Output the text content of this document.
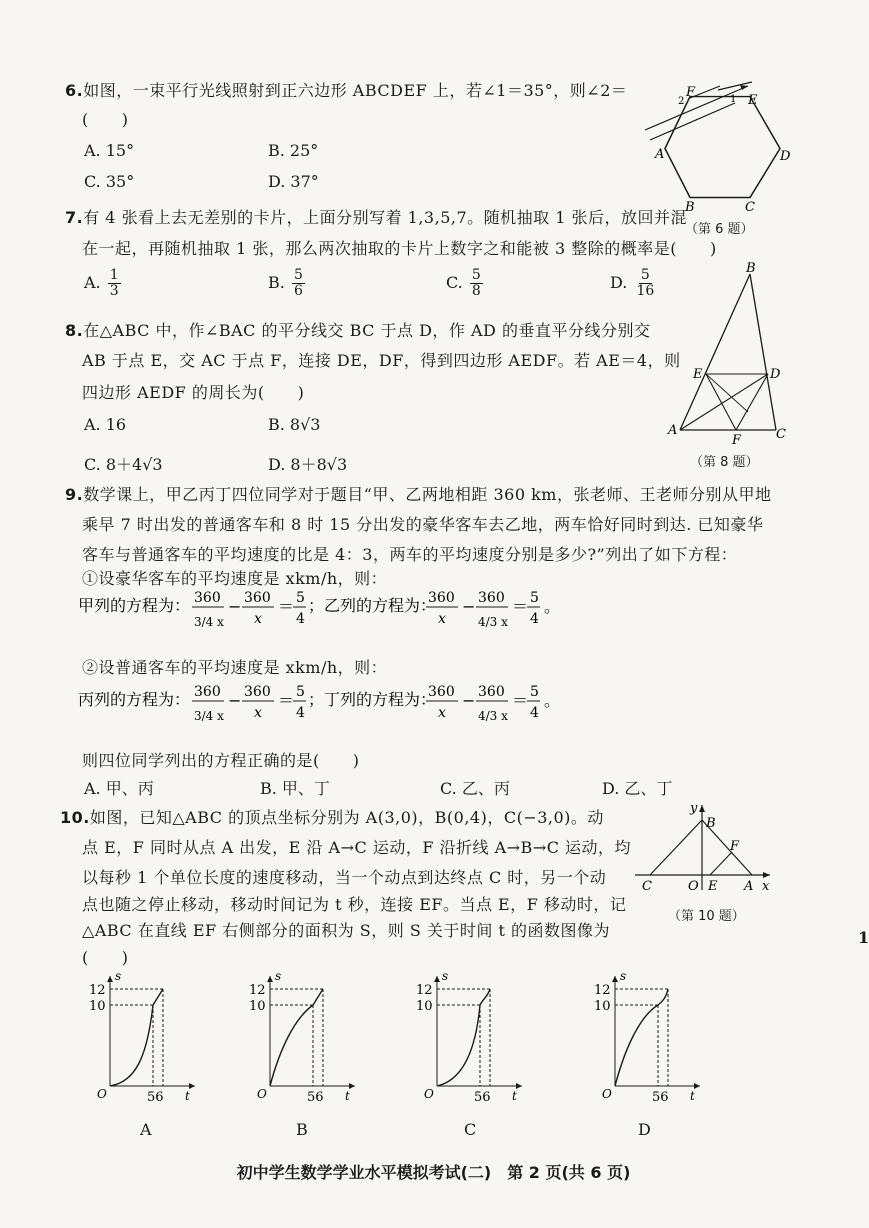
6.如图，一束平行光线照射到正六边形 ABCDEF 上，若∠1＝35°，则∠2＝
(　　)
A. 15°	B. 25°
C. 35°	D. 37°
F
E
A	D
B	C
2	1
（第 6 题）
7.有 4 张看上去无差别的卡片，上面分别写着 1,3,5,7。随机抽取 1 张后，放回并混
在一起，再随机抽取 1 张，那么两次抽取的卡片上数字之和能被 3 整除的概率是(　　)
A. $\frac{1}{3}$	B. $\frac{5}{6}$	C. $\frac{5}{8}$	D. $\frac{5}{16}$
8.在△ABC 中，作∠BAC 的平分线交 BC 于点 D，作 AD 的垂直平分线分别交
AB 于点 E，交 AC 于点 F，连接 DE，DF，得到四边形 AEDF。若 AE＝4，则
四边形 AEDF 的周长为(　　)
A. 16	B. 8√3
C. 8＋4√3	D. 8＋8√3
B
E	D
A
F	C
（第 8 题）
9.数学课上，甲乙丙丁四位同学对于题目“甲、乙两地相距 360 km，张老师、王老师分别从甲地
乘早 7 时出发的普通客车和 8 时 15 分出发的豪华客车去乙地，两车恰好同时到达. 已知豪华
客车与普通客车的平均速度的比是 4：3，两车的平均速度分别是多少?”列出了如下方程：
①设豪华客车的平均速度是 xkm/h，则：
甲列的方程为： 360
3/4 x
− 360
x
＝ 5
4
；乙列的方程为：
360
x
− 360
4/3 x
＝ 5
4
。
②设普通客车的平均速度是 xkm/h，则：
丙列的方程为： 360
3/4 x
− 360
x
＝ 5
4
；丁列的方程为：
360
x
− 360
4/3 x
＝ 5
4
。
则四位同学列出的方程正确的是(　　)
A. 甲、丙	B. 甲、丁	C. 乙、丙	D. 乙、丁
10.如图，已知△ABC 的顶点坐标分别为 A(3,0)，B(0,4)，C(−3,0)。动
点 E，F 同时从点 A 出发，E 沿 A→C 运动，F 沿折线 A→B→C 运动，均
以每秒 1 个单位长度的速度移动，当一个动点到达终点 C 时，另一个动
点也随之停止移动，移动时间记为 t 秒，连接 EF。当点 E，F 移动时，记
△ABC 在直线 EF 右侧部分的面积为 S，则 S 关于时间 t 的函数图像为
(　　)
y
B
F
C	O E A x
（第 10 题）
s
t
O
12
10
56
A
s
t
O
12
10
56
B
s
t
O
12
10
56
C
s
t
O
12
10
56
D
1
初中学生数学学业水平模拟考试(二)　第 2 页(共 6 页)
